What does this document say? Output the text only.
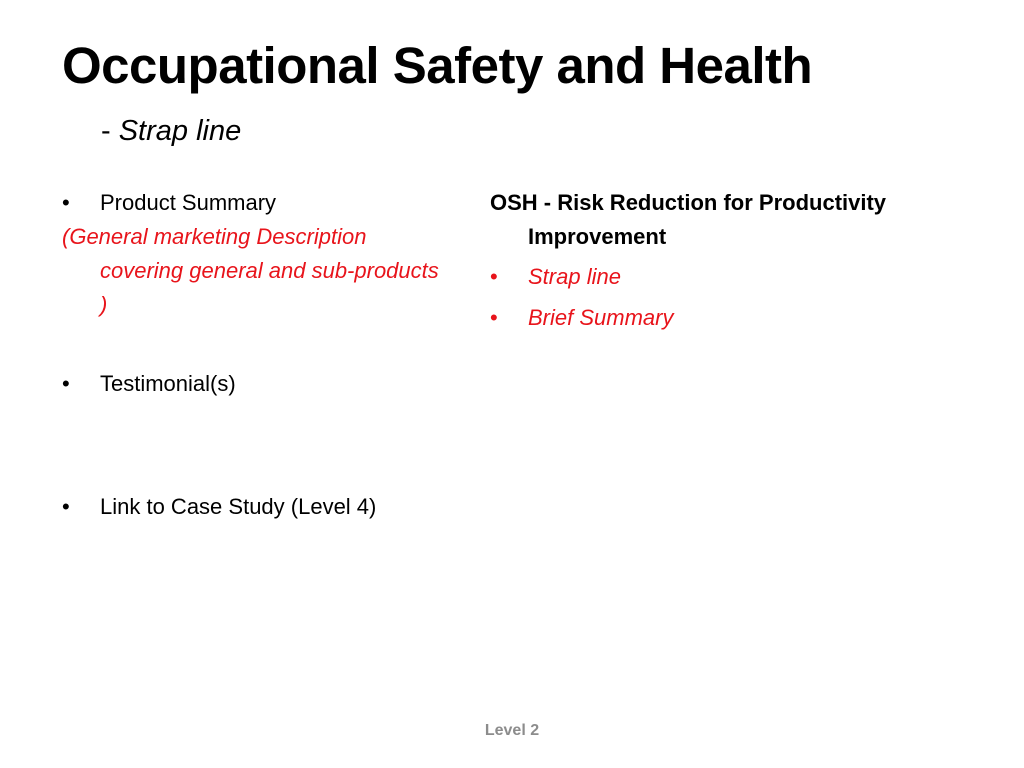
Occupational Safety and Health
- Strap line
• Product Summary
(General marketing Description covering general and sub-products )
• Testimonial(s)
• Link to Case Study (Level 4)
OSH - Risk Reduction for Productivity Improvement
• Strap line
• Brief Summary
Level 2
